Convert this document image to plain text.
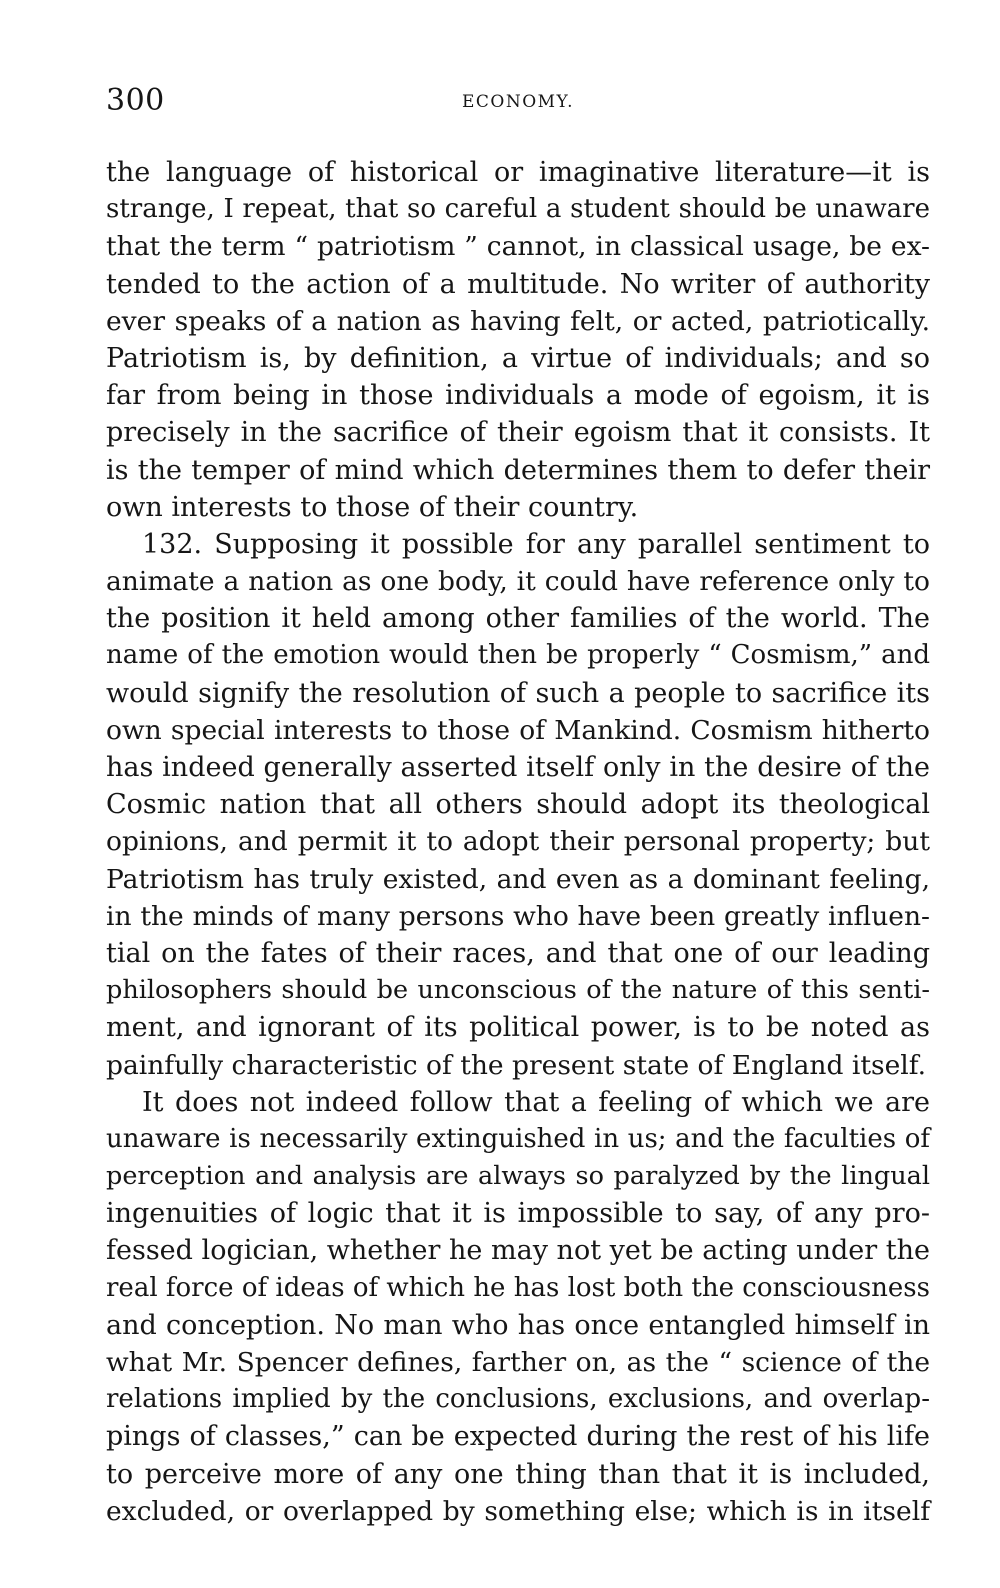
300	ECONOMY.
the language of historical or imaginative literature—it is
strange, I repeat, that so careful a student should be unaware
that the term “ patriotism ” cannot, in classical usage, be ex-
tended to the action of a multitude. No writer of authority
ever speaks of a nation as having felt, or acted, patriotically.
Patriotism is, by definition, a virtue of individuals; and so
far from being in those individuals a mode of egoism, it is
precisely in the sacrifice of their egoism that it consists. It
is the temper of mind which determines them to defer their
own interests to those of their country.
132. Supposing it possible for any parallel sentiment to
animate a nation as one body, it could have reference only to
the position it held among other families of the world. The
name of the emotion would then be properly “ Cosmism,” and
would signify the resolution of such a people to sacrifice its
own special interests to those of Mankind. Cosmism hitherto
has indeed generally asserted itself only in the desire of the
Cosmic nation that all others should adopt its theological
opinions, and permit it to adopt their personal property; but
Patriotism has truly existed, and even as a dominant feeling,
in the minds of many persons who have been greatly influen-
tial on the fates of their races, and that one of our leading
philosophers should be unconscious of the nature of this senti-
ment, and ignorant of its political power, is to be noted as
painfully characteristic of the present state of England itself.
It does not indeed follow that a feeling of which we are
unaware is necessarily extinguished in us; and the faculties of
perception and analysis are always so paralyzed by the lingual
ingenuities of logic that it is impossible to say, of any pro-
fessed logician, whether he may not yet be acting under the
real force of ideas of which he has lost both the consciousness
and conception. No man who has once entangled himself in
what Mr. Spencer defines, farther on, as the “ science of the
relations implied by the conclusions, exclusions, and overlap-
pings of classes,” can be expected during the rest of his life
to perceive more of any one thing than that it is included,
excluded, or overlapped by something else; which is in itself
